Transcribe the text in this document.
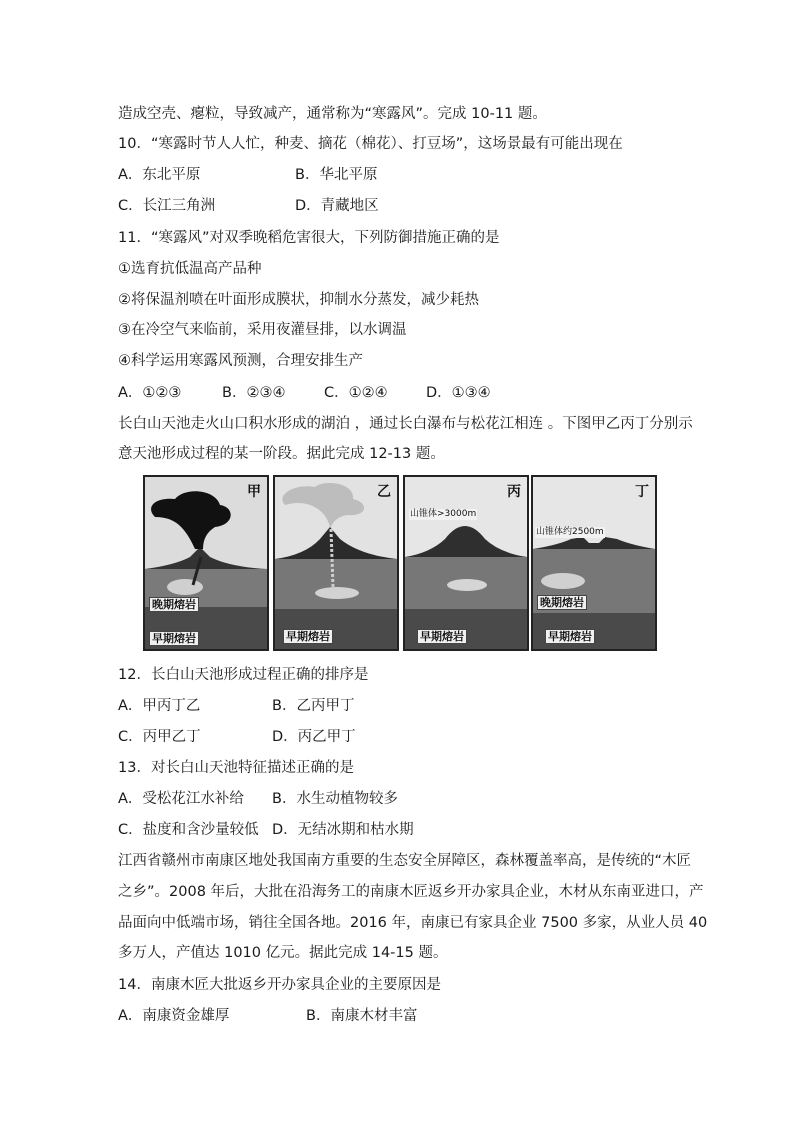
造成空壳、瘪粒，导致减产，通常称为“寒露风”。完成 10-11 题。
10．“寒露时节人人忙，种麦、摘花（棉花）、打豆场”，这场景最有可能出现在
A．东北平原	B．华北平原
C．长江三角洲	D．青藏地区
11．“寒露风”对双季晚稻危害很大，下列防御措施正确的是
①选育抗低温高产品种
②将保温剂喷在叶面形成膜状，抑制水分蒸发，减少耗热
③在冷空气来临前，采用夜灌昼排，以水调温
④科学运用寒露风预测，合理安排生产
A．①②③	B．②③④	C．①②④	D．①③④
长白山天池走火山口积水形成的湖泊 ，通过长白瀑布与松花江相连 。下图甲乙丙丁分别示
意天池形成过程的某一阶段。据此完成 12-13 题。
甲
晚期熔岩
早期熔岩
乙
早期熔岩
丙
山锥体>3000m
早期熔岩
丁
山锥体约2500m
晚期熔岩
早期熔岩
12．长白山天池形成过程正确的排序是
A．甲丙丁乙	B．乙丙甲丁
C．丙甲乙丁	D．丙乙甲丁
13．对长白山天池特征描述正确的是
A．受松花江水补给 B．水生动植物较多
C．盐度和含沙量较低 D．无结冰期和枯水期
江西省赣州市南康区地处我国南方重要的生态安全屏障区，森林覆盖率高，是传统的“木匠
之乡”。2008 年后，大批在沿海务工的南康木匠返乡开办家具企业，木材从东南亚进口，产
品面向中低端市场，销往全国各地。2016 年，南康已有家具企业 7500 多家，从业人员 40
多万人，产值达 1010 亿元。据此完成 14-15 题。
14．南康木匠大批返乡开办家具企业的主要原因是
A．南康资金雄厚	B．南康木材丰富
